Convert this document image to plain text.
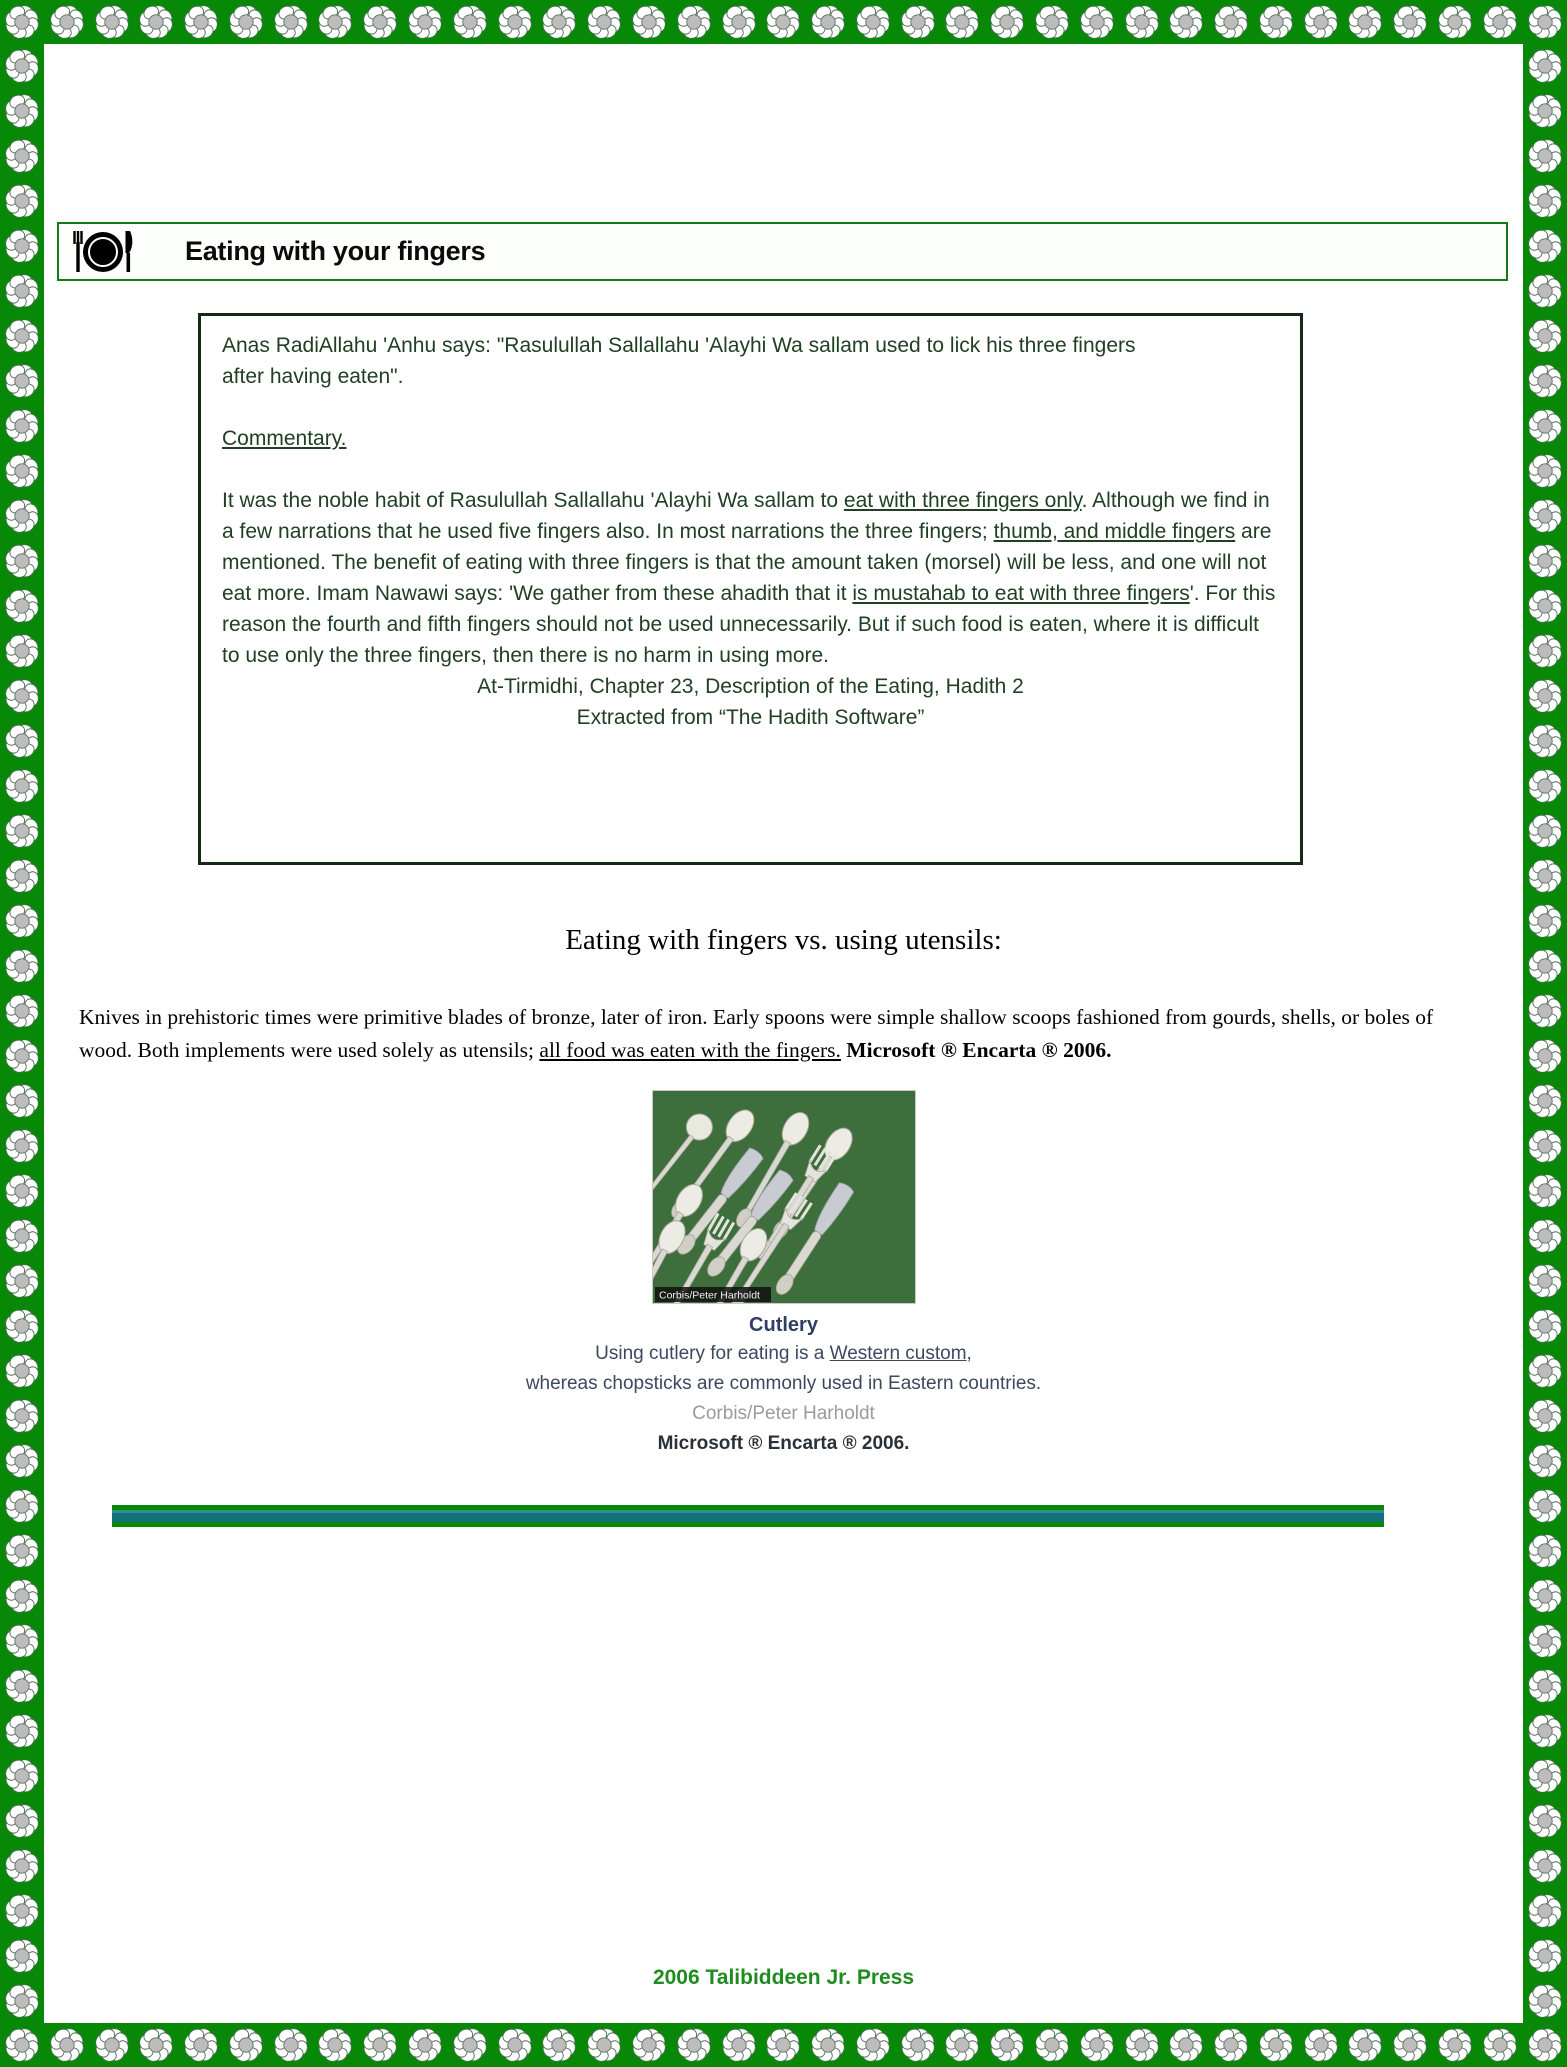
Eating with your fingers

Anas RadiAllahu 'Anhu says: "Rasulullah Sallallahu 'Alayhi Wa sallam used to lick his three fingers after having eaten".

Commentary.

It was the noble habit of Rasulullah Sallallahu 'Alayhi Wa sallam to eat with three fingers only. Although we find in a few narrations that he used five fingers also. In most narrations the three fingers; thumb, and middle fingers are mentioned. The benefit of eating with three fingers is that the amount taken (morsel) will be less, and one will not eat more. Imam Nawawi says: 'We gather from these ahadith that it is mustahab to eat with three fingers'. For this reason the fourth and fifth fingers should not be used unnecessarily. But if such food is eaten, where it is difficult to use only the three fingers, then there is no harm in using more.

At-Tirmidhi, Chapter 23, Description of the Eating, Hadith 2

Extracted from “The Hadith Software”

Eating with fingers vs. using utensils:

Knives in prehistoric times were primitive blades of bronze, later of iron. Early spoons were simple shallow scoops fashioned from gourds, shells, or boles of wood. Both implements were used solely as utensils; all food was eaten with the fingers. Microsoft ® Encarta ® 2006.

Corbis/Peter Harholdt
Cutlery
Using cutlery for eating is a Western custom,
whereas chopsticks are commonly used in Eastern countries.
Corbis/Peter Harholdt
Microsoft ® Encarta ® 2006.
2006 Talibiddeen Jr. Press
